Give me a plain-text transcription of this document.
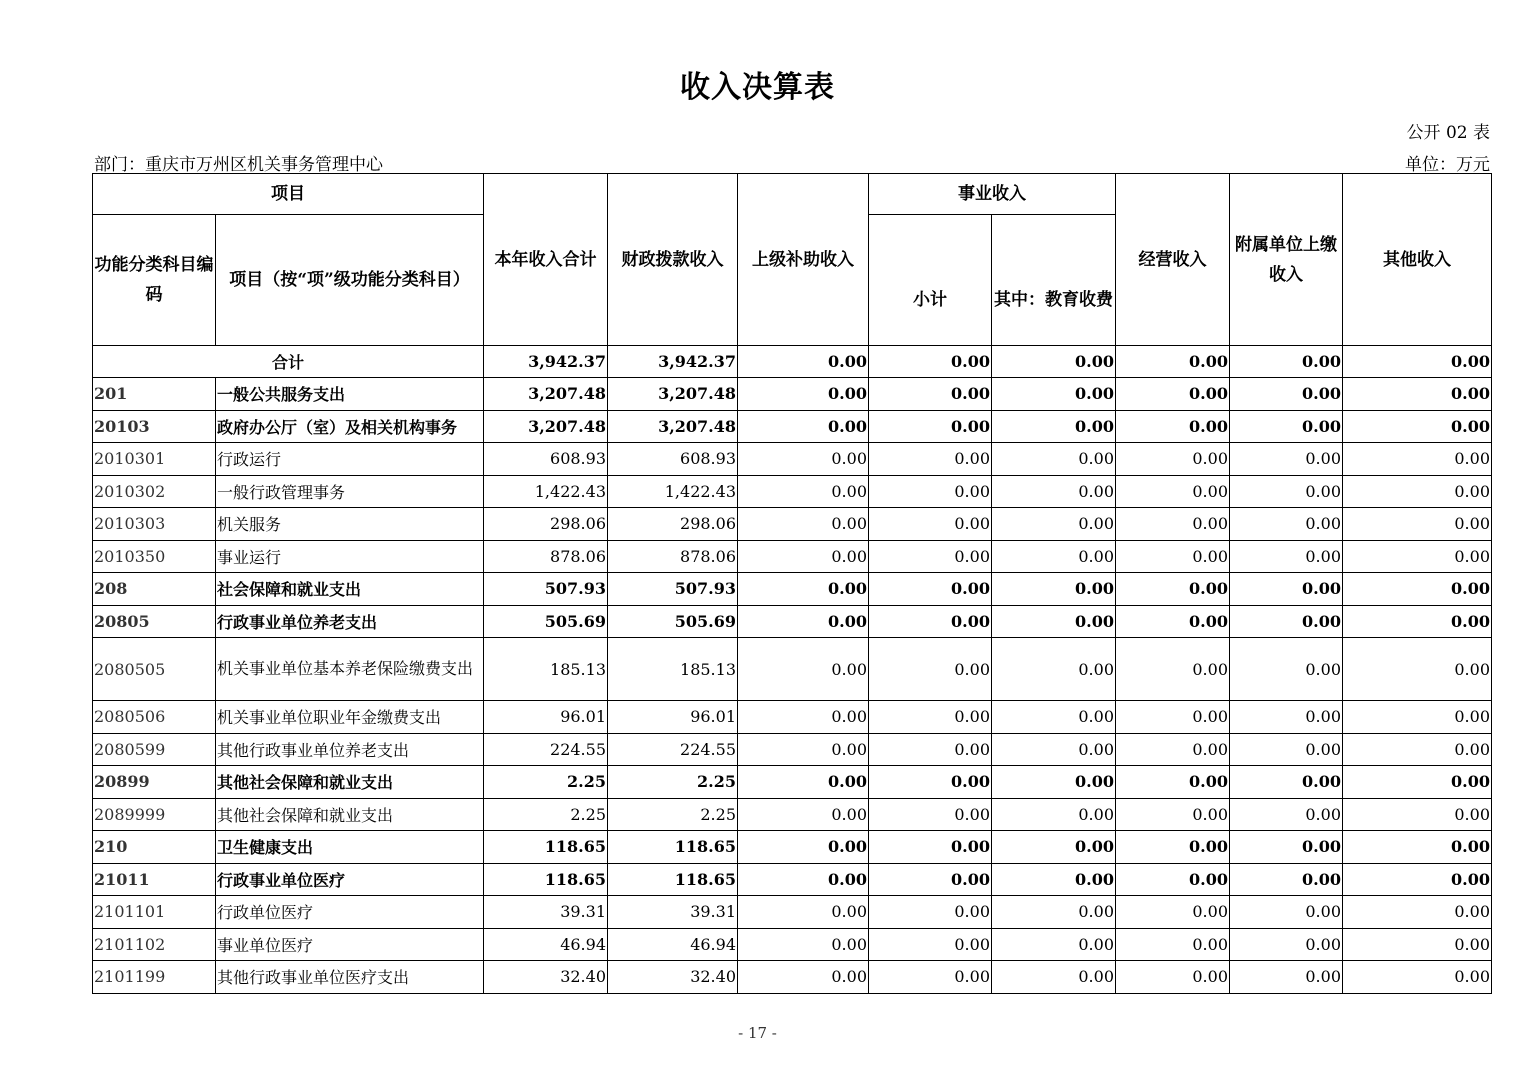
收入决算表
公开 02 表
部门：重庆市万州区机关事务管理中心	单位：万元
项目		本年收入合计	财政拨款收入	上级补助收入	事业收入		经营收入	附属单位上缴收入	其他收入
功能分类科目编码	项目（按“项”级功能分类科目）				小计	其中：教育收费			
合计		3,942.37	3,942.37	0.00	0.00	0.00	0.00	0.00	0.00
201	一般公共服务支出	3,207.48	3,207.48	0.00	0.00	0.00	0.00	0.00	0.00
20103	政府办公厅（室）及相关机构事务	3,207.48	3,207.48	0.00	0.00	0.00	0.00	0.00	0.00
2010301	行政运行	608.93	608.93	0.00	0.00	0.00	0.00	0.00	0.00
2010302	一般行政管理事务	1,422.43	1,422.43	0.00	0.00	0.00	0.00	0.00	0.00
2010303	机关服务	298.06	298.06	0.00	0.00	0.00	0.00	0.00	0.00
2010350	事业运行	878.06	878.06	0.00	0.00	0.00	0.00	0.00	0.00
208	社会保障和就业支出	507.93	507.93	0.00	0.00	0.00	0.00	0.00	0.00
20805	行政事业单位养老支出	505.69	505.69	0.00	0.00	0.00	0.00	0.00	0.00
2080505	机关事业单位基本养老保险缴费支出	185.13	185.13	0.00	0.00	0.00	0.00	0.00	0.00
2080506	机关事业单位职业年金缴费支出	96.01	96.01	0.00	0.00	0.00	0.00	0.00	0.00
2080599	其他行政事业单位养老支出	224.55	224.55	0.00	0.00	0.00	0.00	0.00	0.00
20899	其他社会保障和就业支出	2.25	2.25	0.00	0.00	0.00	0.00	0.00	0.00
2089999	其他社会保障和就业支出	2.25	2.25	0.00	0.00	0.00	0.00	0.00	0.00
210	卫生健康支出	118.65	118.65	0.00	0.00	0.00	0.00	0.00	0.00
21011	行政事业单位医疗	118.65	118.65	0.00	0.00	0.00	0.00	0.00	0.00
2101101	行政单位医疗	39.31	39.31	0.00	0.00	0.00	0.00	0.00	0.00
2101102	事业单位医疗	46.94	46.94	0.00	0.00	0.00	0.00	0.00	0.00
2101199	其他行政事业单位医疗支出	32.40	32.40	0.00	0.00	0.00	0.00	0.00	0.00
- 17 -
